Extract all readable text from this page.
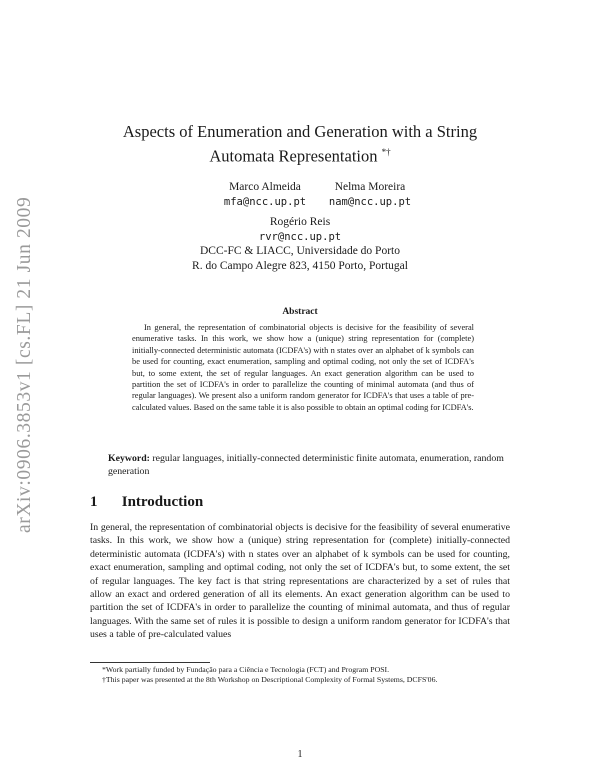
arXiv:0906.3853v1 [cs.FL] 21 Jun 2009
Aspects of Enumeration and Generation with a String
Automata Representation *†
Marco Almeida
mfa@ncc.up.pt
Nelma Moreira
nam@ncc.up.pt
Rogério Reis
rvr@ncc.up.pt
DCC-FC & LIACC, Universidade do Porto
R. do Campo Alegre 823, 4150 Porto, Portugal
Abstract
In general, the representation of combinatorial objects is decisive for the feasibility of several enumerative tasks. In this work, we show how a (unique) string representation for (complete) initially-connected deterministic automata (ICDFA's) with n states over an alphabet of k symbols can be used for counting, exact enumeration, sampling and optimal coding, not only the set of ICDFA's but, to some extent, the set of regular languages. An exact generation algorithm can be used to partition the set of ICDFA's in order to parallelize the counting of minimal automata (and thus of regular languages). We present also a uniform random generator for ICDFA's that uses a table of pre-calculated values. Based on the same table it is also possible to obtain an optimal coding for ICDFA's.
Keyword: regular languages, initially-connected deterministic finite automata, enumeration, random generation
1 Introduction
In general, the representation of combinatorial objects is decisive for the feasibility of several enumerative tasks. In this work, we show how a (unique) string representation for (complete) initially-connected deterministic automata (ICDFA's) with n states over an alphabet of k symbols can be used for counting, exact enumeration, sampling and optimal coding, not only the set of ICDFA's but, to some extent, the set of regular languages. The key fact is that string representations are characterized by a set of rules that allow an exact and ordered generation of all its elements. An exact generation algorithm can be used to partition the set of ICDFA's in order to parallelize the counting of minimal automata, and thus of regular languages. With the same set of rules it is possible to design a uniform random generator for ICDFA's that uses a table of pre-calculated values
*Work partially funded by Fundação para a Ciência e Tecnologia (FCT) and Program POSI.
†This paper was presented at the 8th Workshop on Descriptional Complexity of Formal Systems, DCFS'06.
1
